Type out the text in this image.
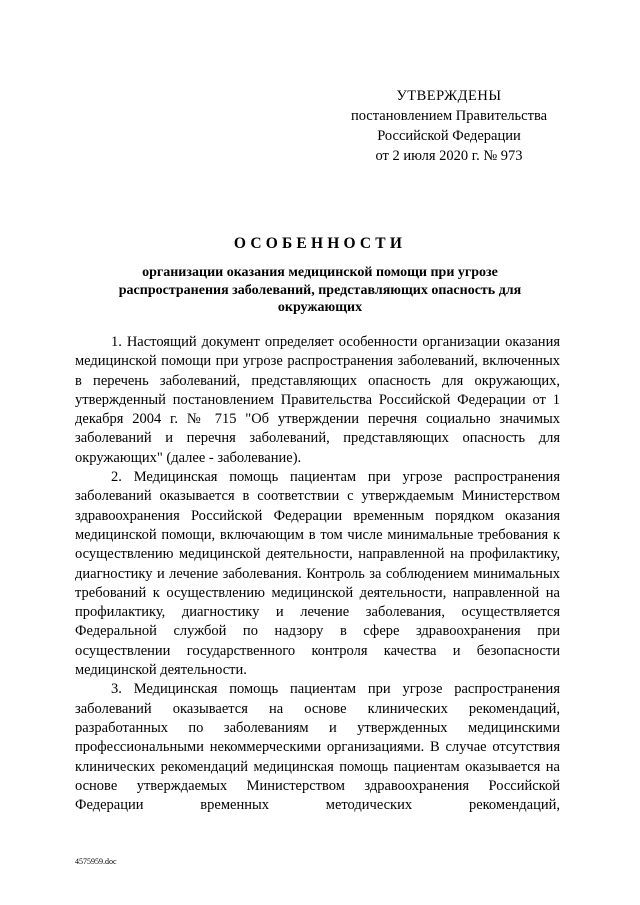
УТВЕРЖДЕНЫ
постановлением Правительства
Российской Федерации
от 2 июля 2020 г. № 973
ОСОБЕННОСТИ
организации оказания медицинской помощи при угрозе распространения заболеваний, представляющих опасность для окружающих

1. Настоящий документ определяет особенности организации оказания медицинской помощи при угрозе распространения заболеваний, включенных в перечень заболеваний, представляющих опасность для окружающих, утвержденный постановлением Правительства Российской Федерации от 1 декабря 2004 г. № 715 "Об утверждении перечня социально значимых заболеваний и перечня заболеваний, представляющих опасность для окружающих" (далее - заболевание).

2. Медицинская помощь пациентам при угрозе распространения заболеваний оказывается в соответствии с утверждаемым Министерством здравоохранения Российской Федерации временным порядком оказания медицинской помощи, включающим в том числе минимальные требования к осуществлению медицинской деятельности, направленной на профилактику, диагностику и лечение заболевания. Контроль за соблюдением минимальных требований к осуществлению медицинской деятельности, направленной на профилактику, диагностику и лечение заболевания, осуществляется Федеральной службой по надзору в сфере здравоохранения при осуществлении государственного контроля качества и безопасности медицинской деятельности.

3. Медицинская помощь пациентам при угрозе распространения заболеваний оказывается на основе клинических рекомендаций, разработанных по заболеваниям и утвержденных медицинскими профессиональными некоммерческими организациями. В случае отсутствия клинических рекомендаций медицинская помощь пациентам оказывается на основе утверждаемых Министерством здравоохранения Российской Федерации временных методических рекомендаций,

4575959.doc
